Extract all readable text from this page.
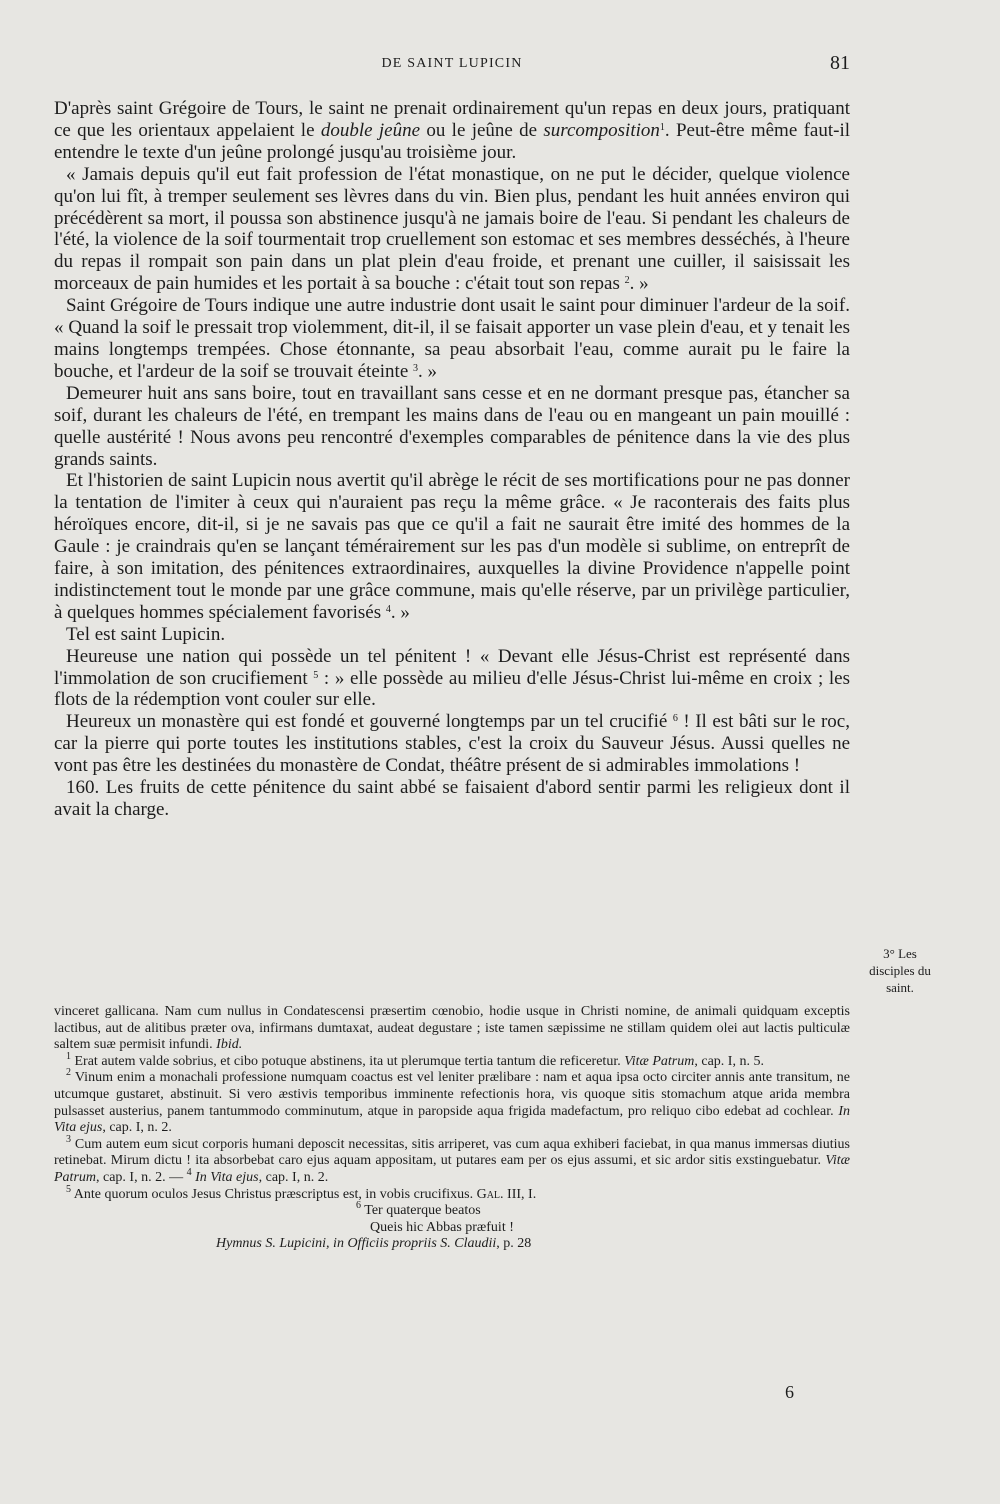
DE SAINT LUPICIN	81

D'après saint Grégoire de Tours, le saint ne prenait ordinairement qu'un repas en deux jours, pratiquant ce que les orientaux appelaient le double jeûne ou le jeûne de surcomposition$^1$. Peut-être même faut-il entendre le texte d'un jeûne prolongé jusqu'au troisième jour.

« Jamais depuis qu'il eut fait profession de l'état monastique, on ne put le décider, quelque violence qu'on lui fît, à tremper seulement ses lèvres dans du vin. Bien plus, pendant les huit années environ qui précédèrent sa mort, il poussa son abstinence jusqu'à ne jamais boire de l'eau. Si pendant les chaleurs de l'été, la violence de la soif tourmentait trop cruellement son estomac et ses membres desséchés, à l'heure du repas il rompait son pain dans un plat plein d'eau froide, et prenant une cuiller, il saisissait les morceaux de pain humides et les portait à sa bouche : c'était tout son repas $^2$. »

Saint Grégoire de Tours indique une autre industrie dont usait le saint pour diminuer l'ardeur de la soif. « Quand la soif le pressait trop violemment, dit-il, il se faisait apporter un vase plein d'eau, et y tenait les mains longtemps trempées. Chose étonnante, sa peau absorbait l'eau, comme aurait pu le faire la bouche, et l'ardeur de la soif se trouvait éteinte $^3$. »

Demeurer huit ans sans boire, tout en travaillant sans cesse et en ne dormant presque pas, étancher sa soif, durant les chaleurs de l'été, en trempant les mains dans de l'eau ou en mangeant un pain mouillé : quelle austérité ! Nous avons peu rencontré d'exemples comparables de pénitence dans la vie des plus grands saints.

Et l'historien de saint Lupicin nous avertit qu'il abrège le récit de ses mortifications pour ne pas donner la tentation de l'imiter à ceux qui n'auraient pas reçu la même grâce. « Je raconterais des faits plus héroïques encore, dit-il, si je ne savais pas que ce qu'il a fait ne saurait être imité des hommes de la Gaule : je craindrais qu'en se lançant témérairement sur les pas d'un modèle si sublime, on entreprît de faire, à son imitation, des pénitences extraordinaires, auxquelles la divine Providence n'appelle point indistinctement tout le monde par une grâce commune, mais qu'elle réserve, par un privilège particulier, à quelques hommes spécialement favorisés $^4$. »

Tel est saint Lupicin.

Heureuse une nation qui possède un tel pénitent ! « Devant elle Jésus-Christ est représenté dans l'immolation de son crucifiement $^5$ : » elle possède au milieu d'elle Jésus-Christ lui-même en croix ; les flots de la rédemption vont couler sur elle.

Heureux un monastère qui est fondé et gouverné longtemps par un tel crucifié $^6$ ! Il est bâti sur le roc, car la pierre qui porte toutes les institutions stables, c'est la croix du Sauveur Jésus. Aussi quelles ne vont pas être les destinées du monastère de Condat, théâtre présent de si admirables immolations !

160. Les fruits de cette pénitence du saint abbé se faisaient d'abord sentir parmi les religieux dont il avait la charge.

3° Les
disciples du
saint.

vinceret gallicana. Nam cum nullus in Condatescensi præsertim cœnobio, hodie usque in Christi nomine, de animali quidquam exceptis lactibus, aut de alitibus præter ova, infirmans dumtaxat, audeat degustare ; iste tamen sæpissime ne stillam quidem olei aut lactis pulticulæ saltem suæ permisit infundi. Ibid.

$^1$ Erat autem valde sobrius, et cibo potuque abstinens, ita ut plerumque tertia tantum die reficeretur. Vitæ Patrum, cap. I, n. 5.

$^2$ Vinum enim a monachali professione numquam coactus est vel leniter prælibare : nam et aqua ipsa octo circiter annis ante transitum, ne utcumque gustaret, abstinuit. Si vero æstivis temporibus imminente refectionis hora, vis quoque sitis stomachum atque arida membra pulsasset austerius, panem tantummodo comminutum, atque in paropside aqua frigida madefactum, pro reliquo cibo edebat ad cochlear. In Vita ejus, cap. I, n. 2.

$^3$ Cum autem eum sicut corporis humani deposcit necessitas, sitis arriperet, vas cum aqua exhiberi faciebat, in qua manus immersas diutius retinebat. Mirum dictu ! ita absorbebat caro ejus aquam appositam, ut putares eam per os ejus assumi, et sic ardor sitis exstinguebatur. Vitæ Patrum, cap. I, n. 2. — $^4$ In Vita ejus, cap. I, n. 2.

$^5$ Ante quorum oculos Jesus Christus præscriptus est, in vobis crucifixus. Gal. III, I.

$^6$ Ter quaterque beatos

Queis hic Abbas præfuit !

Hymnus S. Lupicini, in Officiis propriis S. Claudii, p. 28

6
